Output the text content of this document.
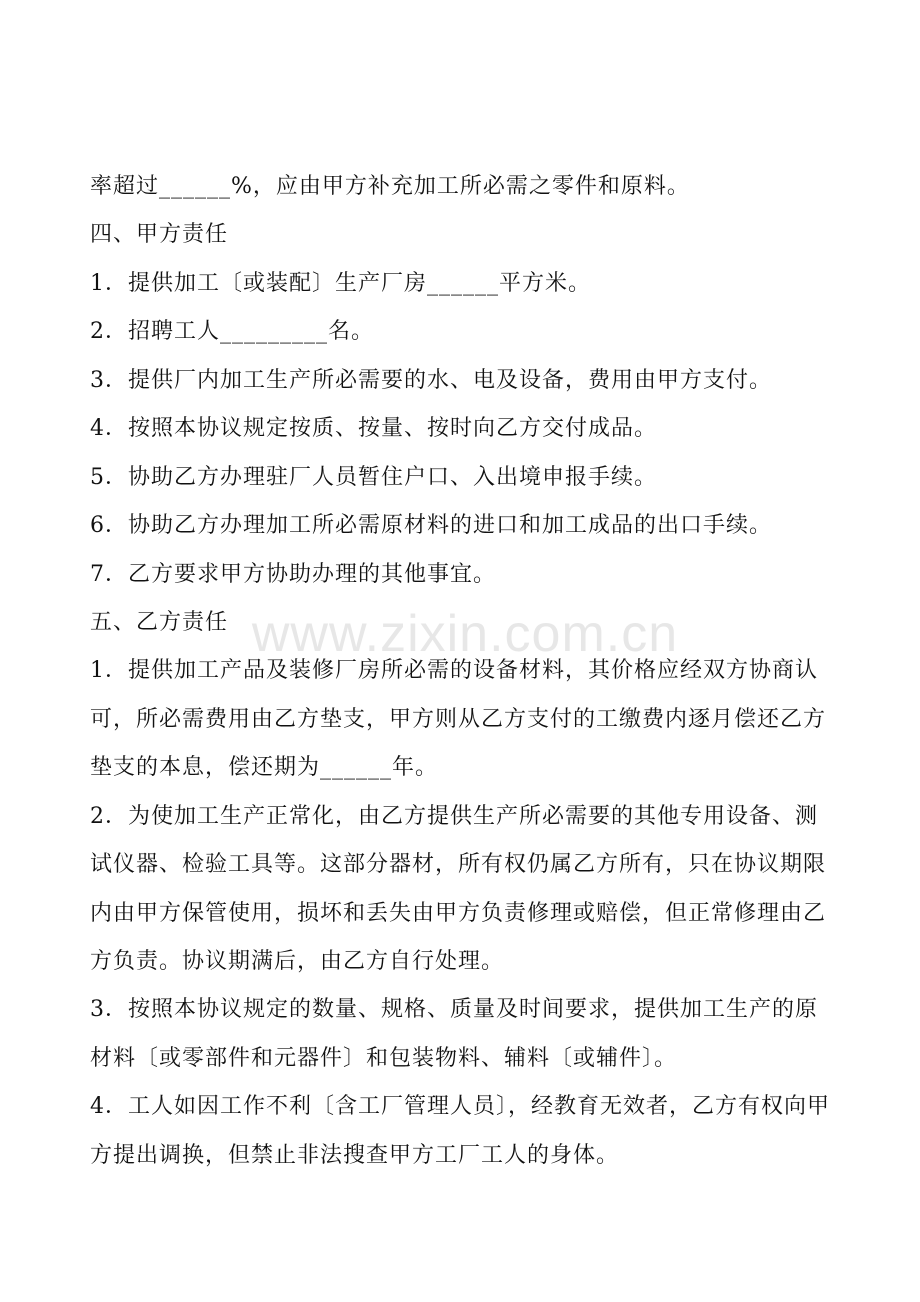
率超过______%，应由甲方补充加工所必需之零件和原料。
四、甲方责任
1．提供加工〔或装配〕生产厂房______平方米。
2．招聘工人_________名。
3．提供厂内加工生产所必需要的水、电及设备，费用由甲方支付。
4．按照本协议规定按质、按量、按时向乙方交付成品。
5．协助乙方办理驻厂人员暂住户口、入出境申报手续。
6．协助乙方办理加工所必需原材料的进口和加工成品的出口手续。
7．乙方要求甲方协助办理的其他事宜。
五、乙方责任
1．提供加工产品及装修厂房所必需的设备材料，其价格应经双方协商认
可，所必需费用由乙方垫支，甲方则从乙方支付的工缴费内逐月偿还乙方
垫支的本息，偿还期为______年。
2．为使加工生产正常化，由乙方提供生产所必需要的其他专用设备、测
试仪器、检验工具等。这部分器材，所有权仍属乙方所有，只在协议期限
内由甲方保管使用，损坏和丢失由甲方负责修理或赔偿，但正常修理由乙
方负责。协议期满后，由乙方自行处理。
3．按照本协议规定的数量、规格、质量及时间要求，提供加工生产的原
材料〔或零部件和元器件〕和包装物料、辅料〔或辅件〕。
4．工人如因工作不利〔含工厂管理人员〕，经教育无效者，乙方有权向甲
方提出调换，但禁止非法搜查甲方工厂工人的身体。
www.zixin.com.cn
